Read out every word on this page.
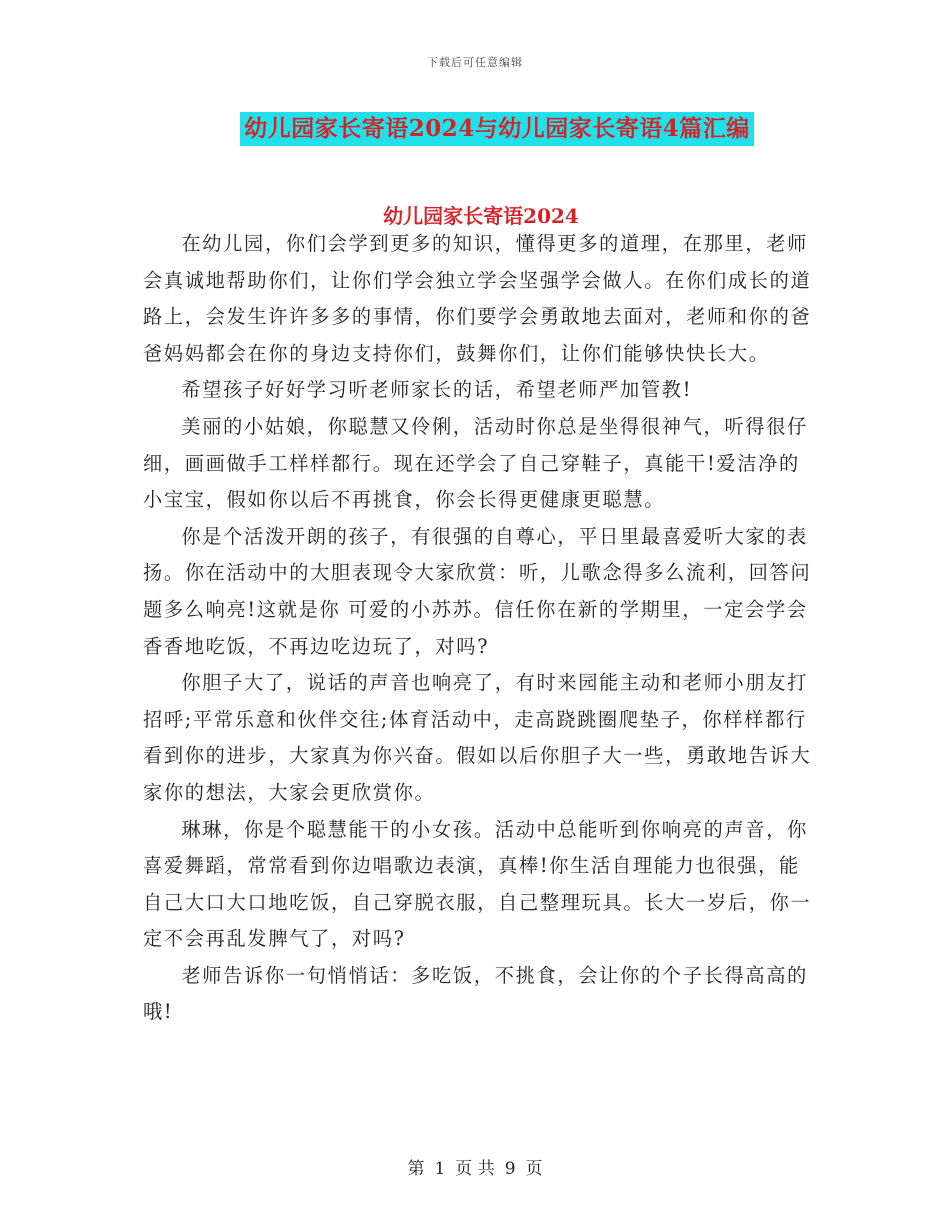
下载后可任意编辑
幼儿园家长寄语2024与幼儿园家长寄语4篇汇编
幼儿园家长寄语2024

在幼儿园，你们会学到更多的知识，懂得更多的道理，在那里，老师会真诚地帮助你们，让你们学会独立学会坚强学会做人。在你们成长的道路上，会发生许许多多的事情，你们要学会勇敢地去面对，老师和你的爸爸妈妈都会在你的身边支持你们，鼓舞你们，让你们能够快快长大。

希望孩子好好学习听老师家长的话，希望老师严加管教!

美丽的小姑娘，你聪慧又伶俐，活动时你总是坐得很神气，听得很仔细，画画做手工样样都行。现在还学会了自己穿鞋子，真能干!爱洁净的小宝宝，假如你以后不再挑食，你会长得更健康更聪慧。

你是个活泼开朗的孩子，有很强的自尊心，平日里最喜爱听大家的表扬。你在活动中的大胆表现令大家欣赏：听，儿歌念得多么流利，回答问题多么响亮!这就是你 可爱的小苏苏。信任你在新的学期里，一定会学会香香地吃饭，不再边吃边玩了，对吗?

你胆子大了，说话的声音也响亮了，有时来园能主动和老师小朋友打招呼;平常乐意和伙伴交往;体育活动中，走高跷跳圈爬垫子，你样样都行 看到你的进步，大家真为你兴奋。假如以后你胆子大一些，勇敢地告诉大家你的想法，大家会更欣赏你。

琳琳，你是个聪慧能干的小女孩。活动中总能听到你响亮的声音，你喜爱舞蹈，常常看到你边唱歌边表演，真棒!你生活自理能力也很强，能自己大口大口地吃饭，自己穿脱衣服，自己整理玩具。长大一岁后，你一定不会再乱发脾气了，对吗?

老师告诉你一句悄悄话：多吃饭，不挑食，会让你的个子长得高高的哦!

第 1 页 共 9 页
